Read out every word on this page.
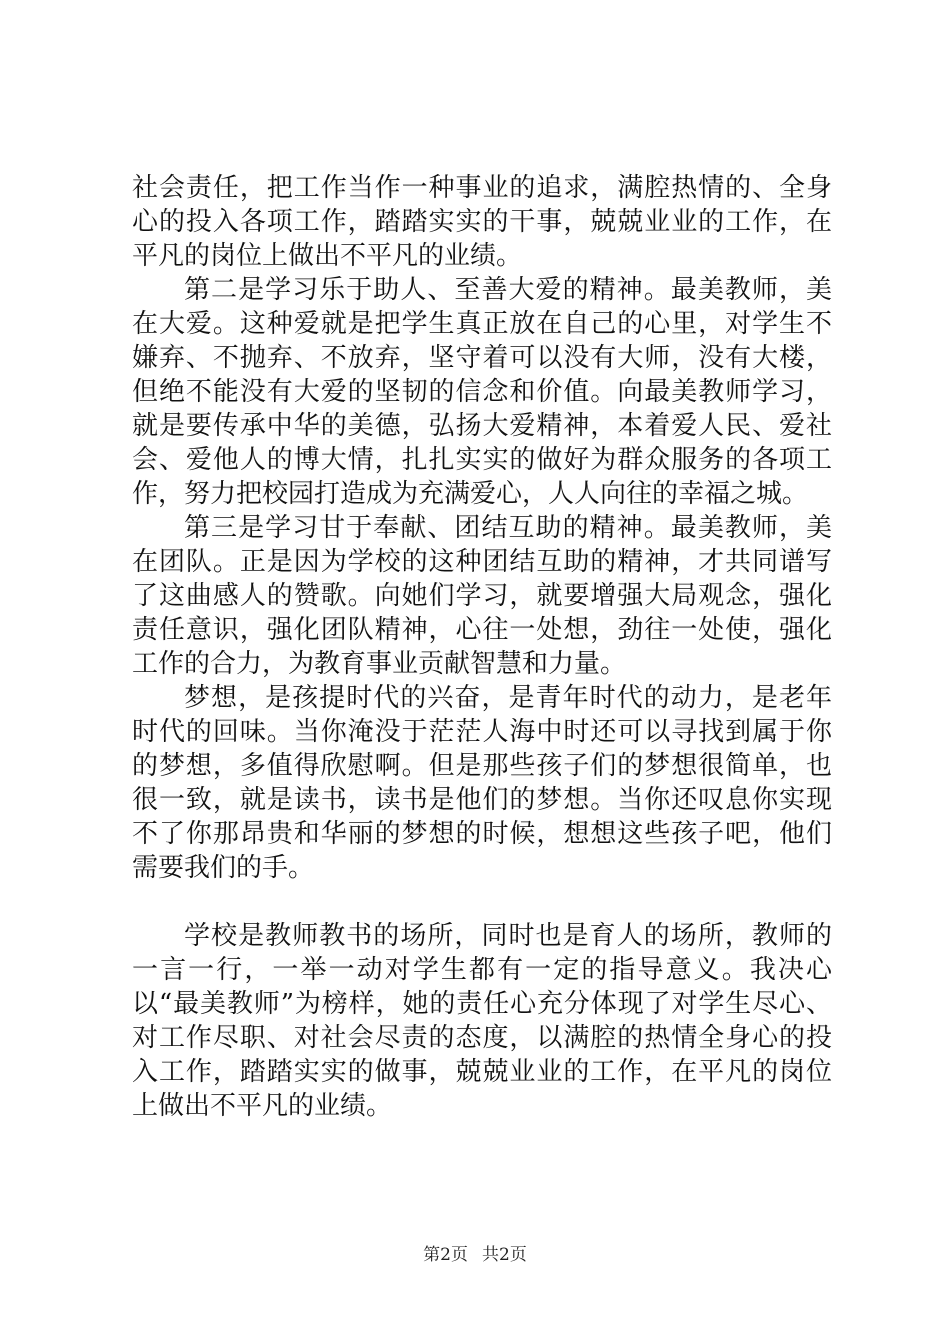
社会责任，把工作当作一种事业的追求，满腔热情的、全身心的投入各项工作，踏踏实实的干事，兢兢业业的工作，在平凡的岗位上做出不平凡的业绩。

第二是学习乐于助人、至善大爱的精神。最美教师，美在大爱。这种爱就是把学生真正放在自己的心里，对学生不嫌弃、不抛弃、不放弃，坚守着可以没有大师，没有大楼，但绝不能没有大爱的坚韧的信念和价值。向最美教师学习，就是要传承中华的美德，弘扬大爱精神，本着爱人民、爱社会、爱他人的博大情，扎扎实实的做好为群众服务的各项工作，努力把校园打造成为充满爱心，人人向往的幸福之城。

第三是学习甘于奉献、团结互助的精神。最美教师，美在团队。正是因为学校的这种团结互助的精神，才共同谱写了这曲感人的赞歌。向她们学习，就要增强大局观念，强化责任意识，强化团队精神，心往一处想，劲往一处使，强化工作的合力，为教育事业贡献智慧和力量。

梦想，是孩提时代的兴奋，是青年时代的动力，是老年时代的回味。当你淹没于茫茫人海中时还可以寻找到属于你的梦想，多值得欣慰啊。但是那些孩子们的梦想很简单，也很一致，就是读书，读书是他们的梦想。当你还叹息你实现不了你那昂贵和华丽的梦想的时候，想想这些孩子吧，他们需要我们的手。

学校是教师教书的场所，同时也是育人的场所，教师的一言一行，一举一动对学生都有一定的指导意义。我决心以“最美教师”为榜样，她的责任心充分体现了对学生尽心、对工作尽职、对社会尽责的态度，以满腔的热情全身心的投入工作，踏踏实实的做事，兢兢业业的工作，在平凡的岗位上做出不平凡的业绩。

第2页 共2页
